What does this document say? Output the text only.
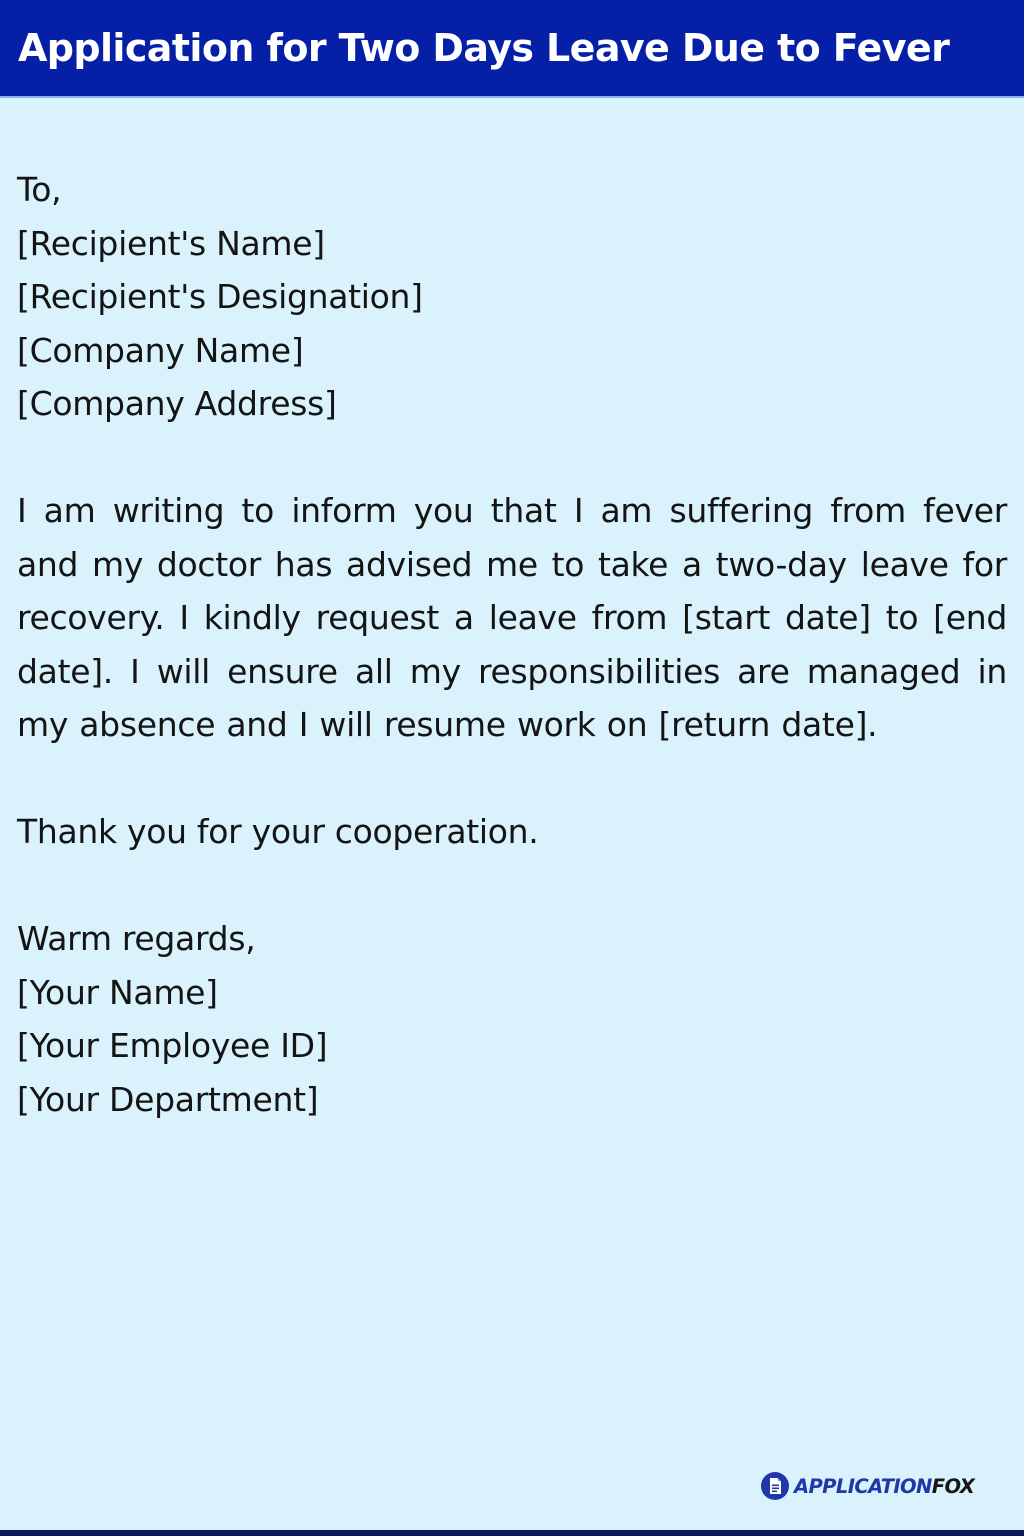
Application for Two Days Leave Due to Fever
To,
[Recipient's Name]
[Recipient's Designation]
[Company Name]
[Company Address]

I am writing to inform you that I am suffering from fever and my doctor has advised me to take a two-day leave for recovery. I kindly request a leave from [start date] to [end date]. I will ensure all my responsibilities are managed in my absence and I will resume work on [return date].

Thank you for your cooperation.
Warm regards,
[Your Name]
[Your Employee ID]
[Your Department]
APPLICATIONFOX
